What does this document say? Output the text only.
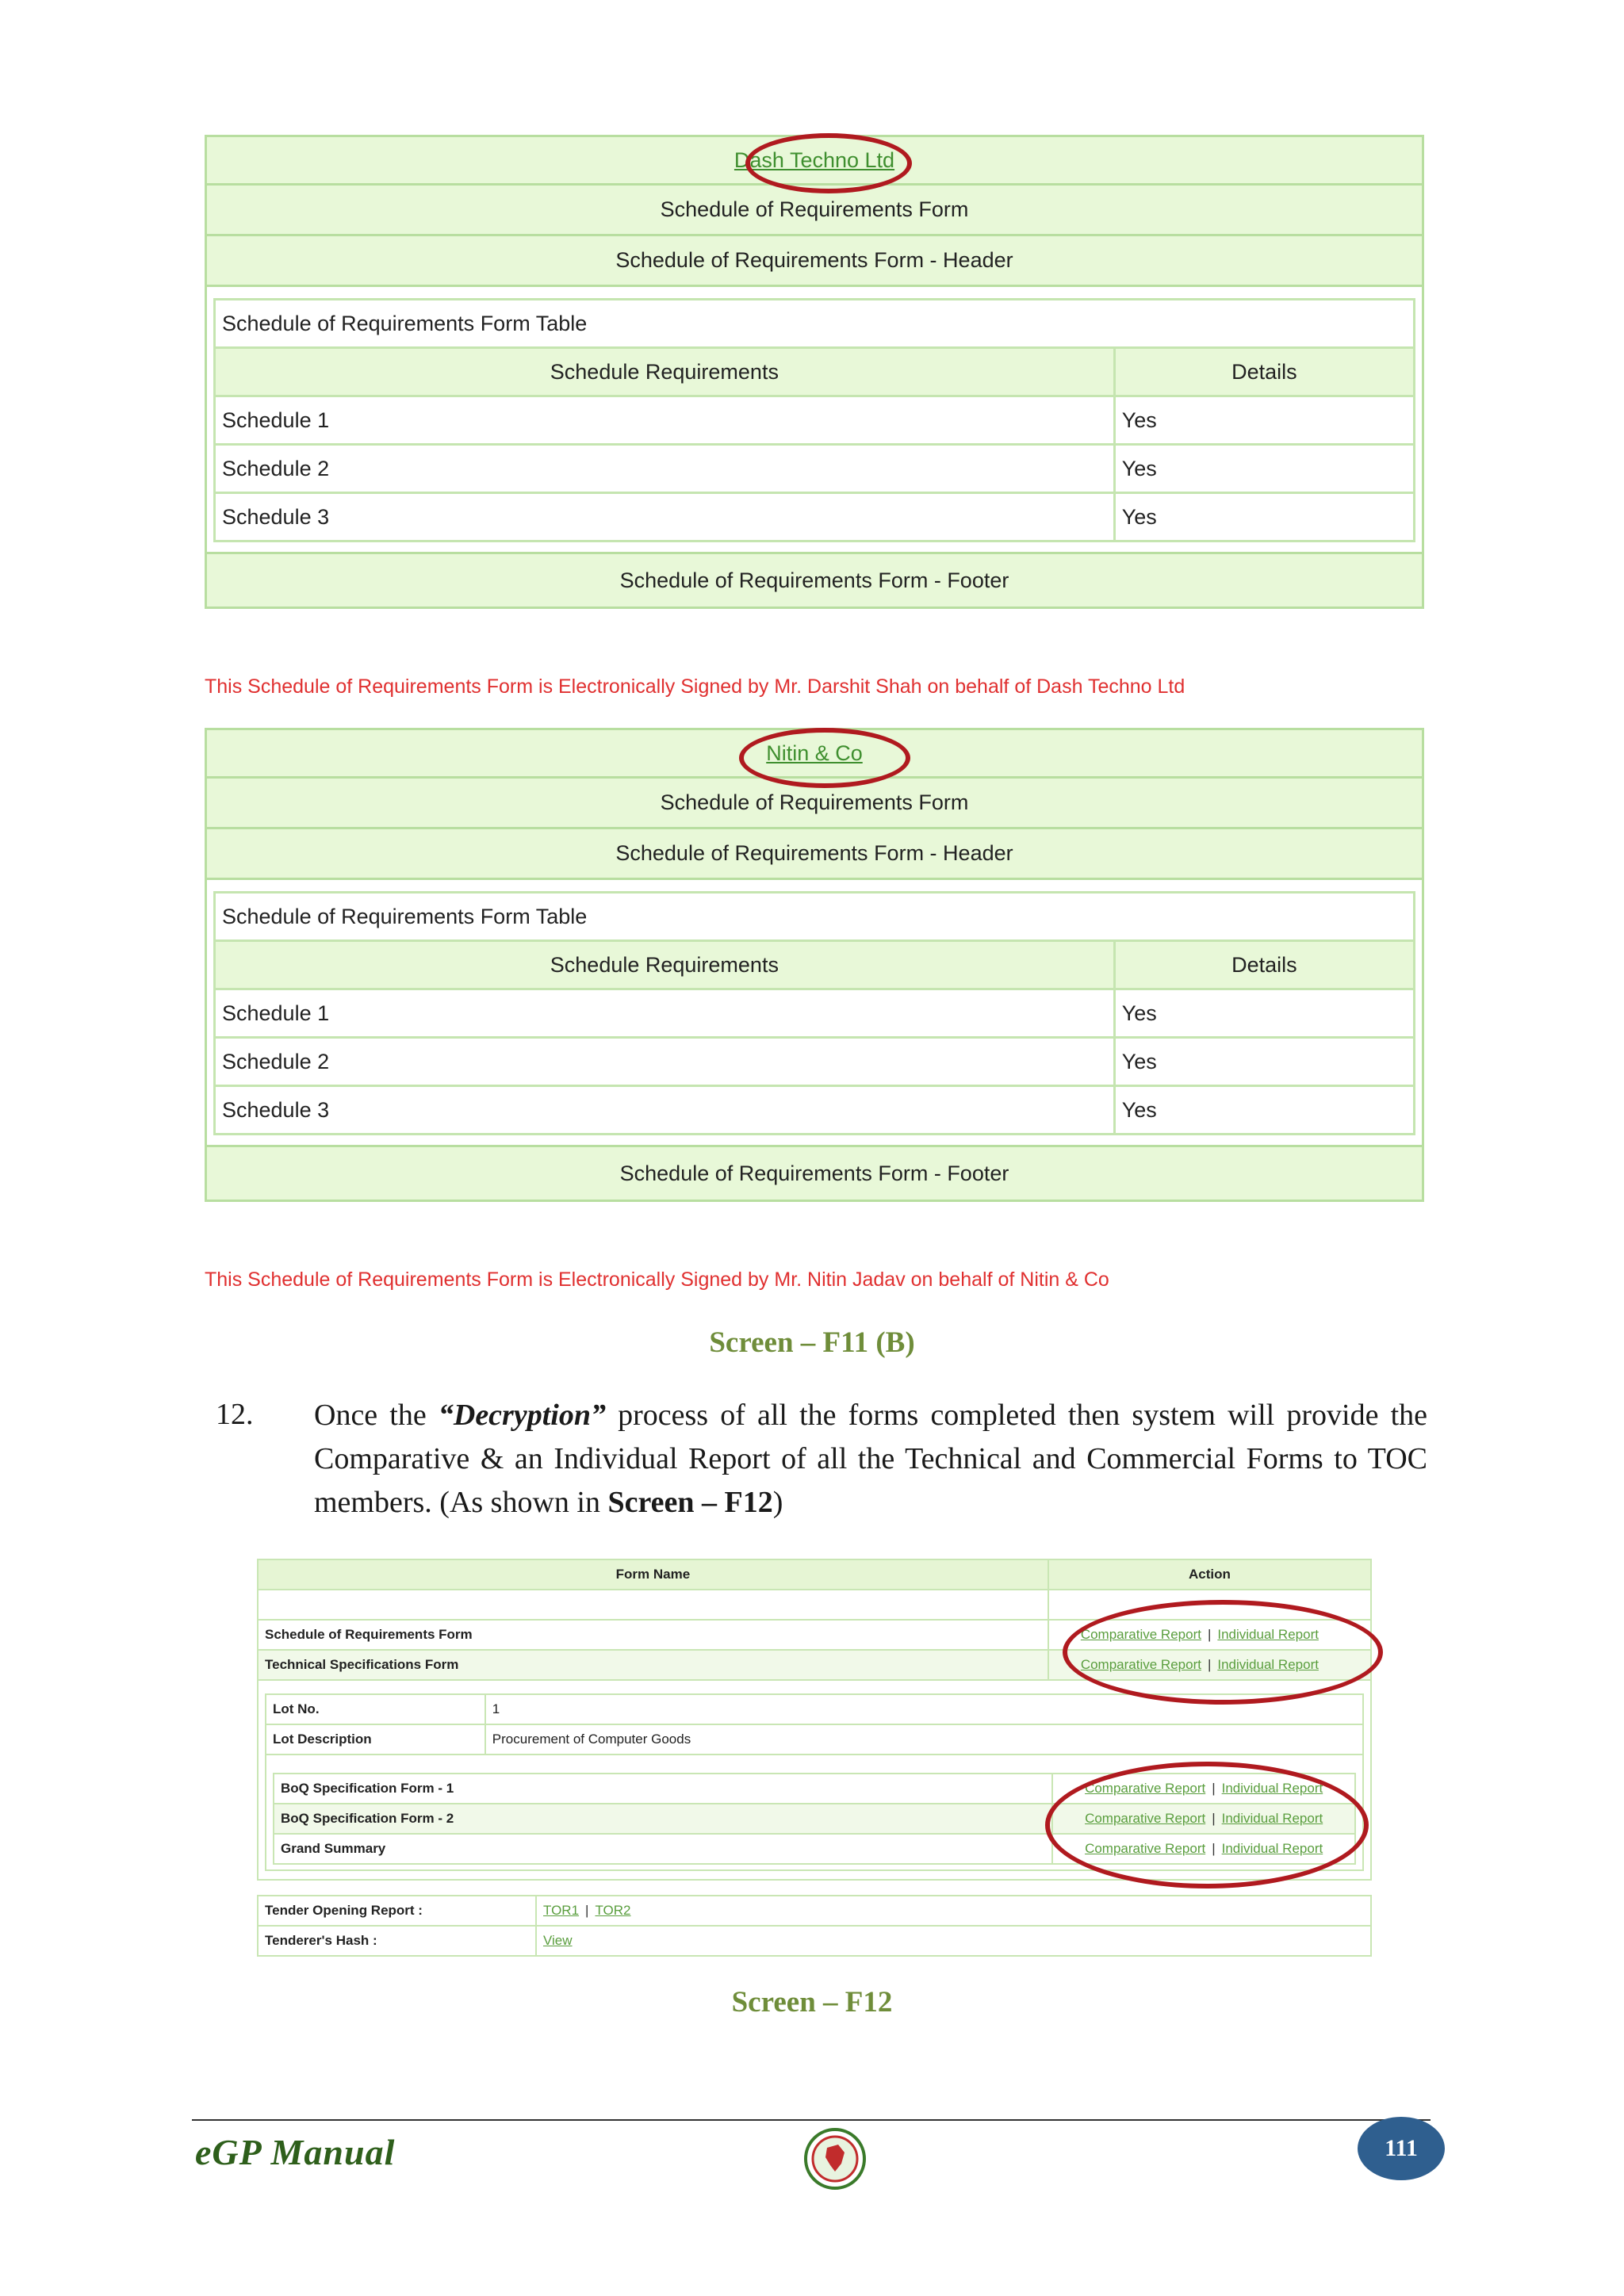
Dash Techno Ltd
Schedule of Requirements Form
Schedule of Requirements Form - Header
Schedule of Requirements Form Table	
Schedule Requirements	Details
Schedule 1	Yes
Schedule 2	Yes
Schedule 3	Yes
Schedule of Requirements Form - Footer
This Schedule of Requirements Form is Electronically Signed by Mr. Darshit Shah on behalf of Dash Techno Ltd
Nitin & Co
Schedule of Requirements Form
Schedule of Requirements Form - Header
Schedule of Requirements Form Table	
Schedule Requirements	Details
Schedule 1	Yes
Schedule 2	Yes
Schedule 3	Yes
Schedule of Requirements Form - Footer
This Schedule of Requirements Form is Electronically Signed by Mr. Nitin Jadav on behalf of Nitin & Co
Screen – F11 (B)
12. Once the “Decryption” process of all the forms completed then system will provide the Comparative & an Individual Report of all the Technical and Commercial Forms to TOC members. (As shown in Screen – F12)
Form Name	Action

Schedule of Requirements Form	Comparative Report | Individual Report
Technical Specifications Form	Comparative Report | Individual Report
Lot No.	1
Lot Description	Procurement of Computer Goods
BoQ Specification Form - 1	Comparative Report | Individual Report
BoQ Specification Form - 2	Comparative Report | Individual Report
Grand Summary	Comparative Report | Individual Report
Tender Opening Report :	TOR1 | TOR2
Tenderer's Hash :	View
Screen – F12
eGP Manual	111
